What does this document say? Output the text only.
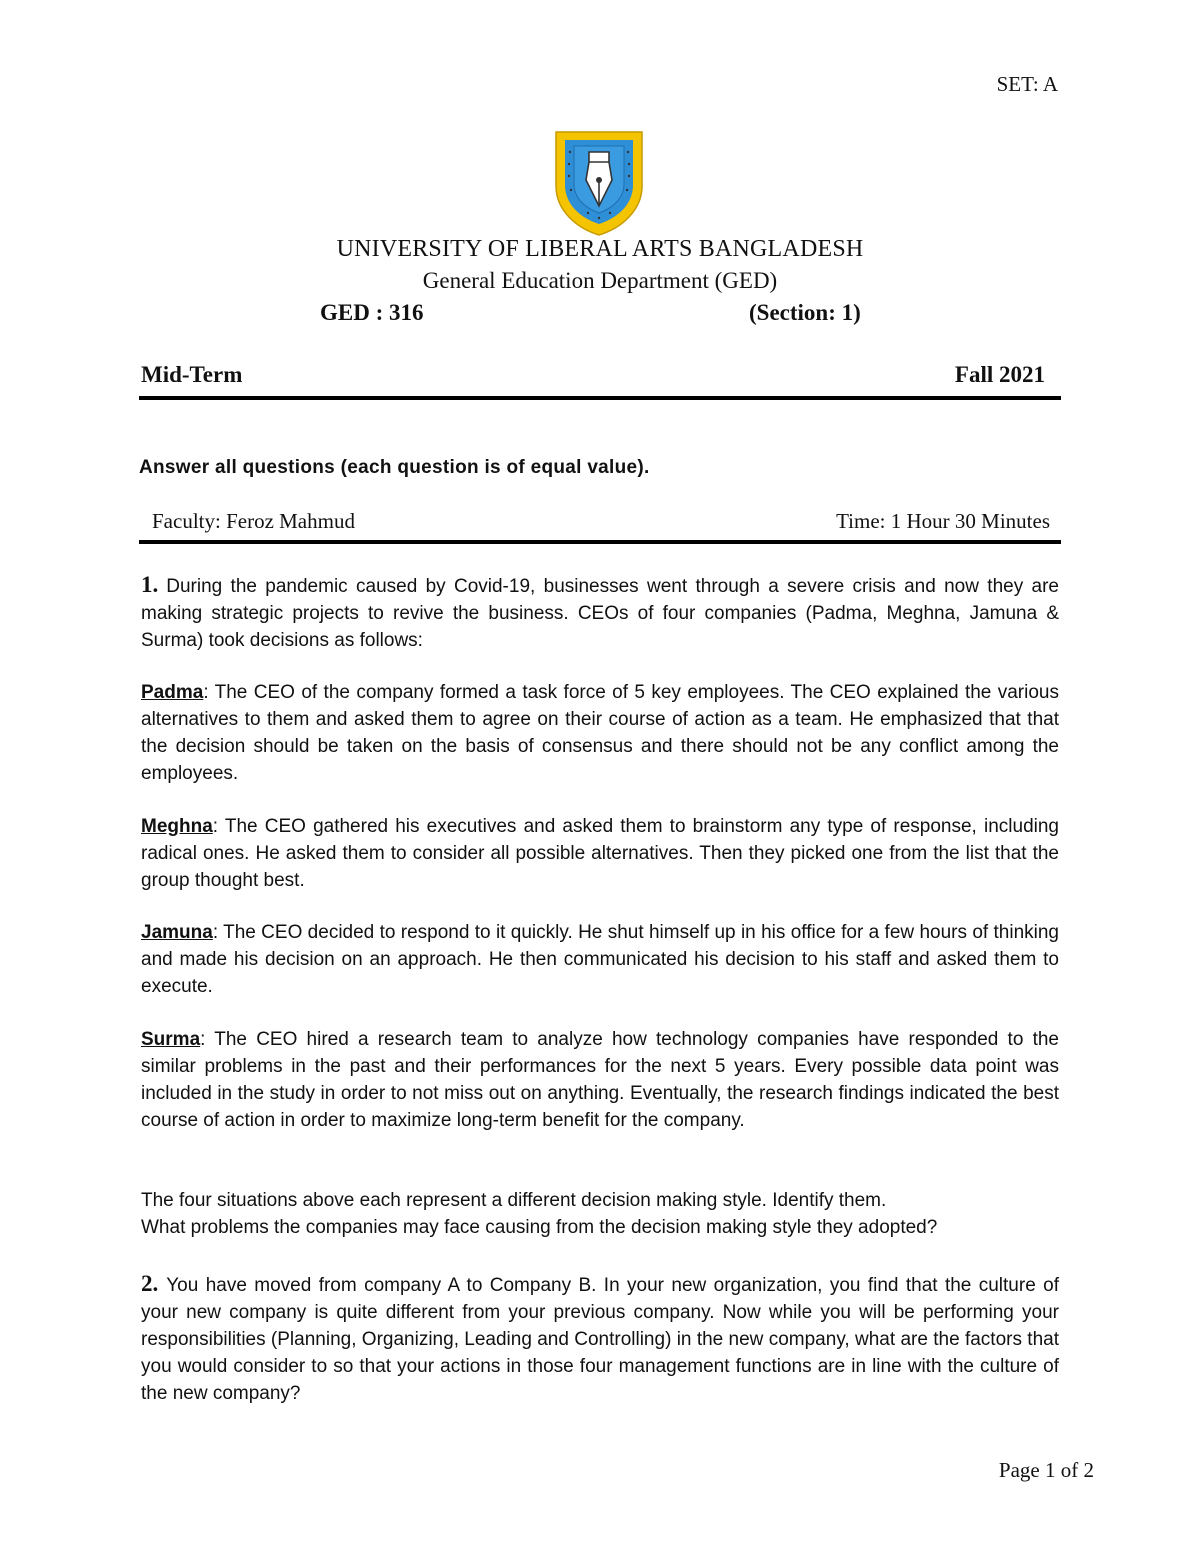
SET: A
UNIVERSITY OF LIBERAL ARTS BANGLADESH
General Education Department (GED)
GED : 316	(Section: 1)
Mid-Term	Fall 2021
Answer all questions (each question is of equal value).
Faculty: Feroz Mahmud	Time: 1 Hour 30 Minutes

1. During the pandemic caused by Covid-19, businesses went through a severe crisis and now they are making strategic projects to revive the business. CEOs of four companies (Padma, Meghna, Jamuna & Surma) took decisions as follows:

Padma: The CEO of the company formed a task force of 5 key employees. The CEO explained the various alternatives to them and asked them to agree on their course of action as a team. He emphasized that that the decision should be taken on the basis of consensus and there should not be any conflict among the employees.

Meghna: The CEO gathered his executives and asked them to brainstorm any type of response, including radical ones. He asked them to consider all possible alternatives. Then they picked one from the list that the group thought best.

Jamuna: The CEO decided to respond to it quickly. He shut himself up in his office for a few hours of thinking and made his decision on an approach. He then communicated his decision to his staff and asked them to execute.

Surma: The CEO hired a research team to analyze how technology companies have responded to the similar problems in the past and their performances for the next 5 years. Every possible data point was included in the study in order to not miss out on anything. Eventually, the research findings indicated the best course of action in order to maximize long-term benefit for the company.

The four situations above each represent a different decision making style. Identify them.
What problems the companies may face causing from the decision making style they adopted?

2. You have moved from company A to Company B. In your new organization, you find that the culture of your new company is quite different from your previous company. Now while you will be performing your responsibilities (Planning, Organizing, Leading and Controlling) in the new company, what are the factors that you would consider to so that your actions in those four management functions are in line with the culture of the new company?

Page 1 of 2
